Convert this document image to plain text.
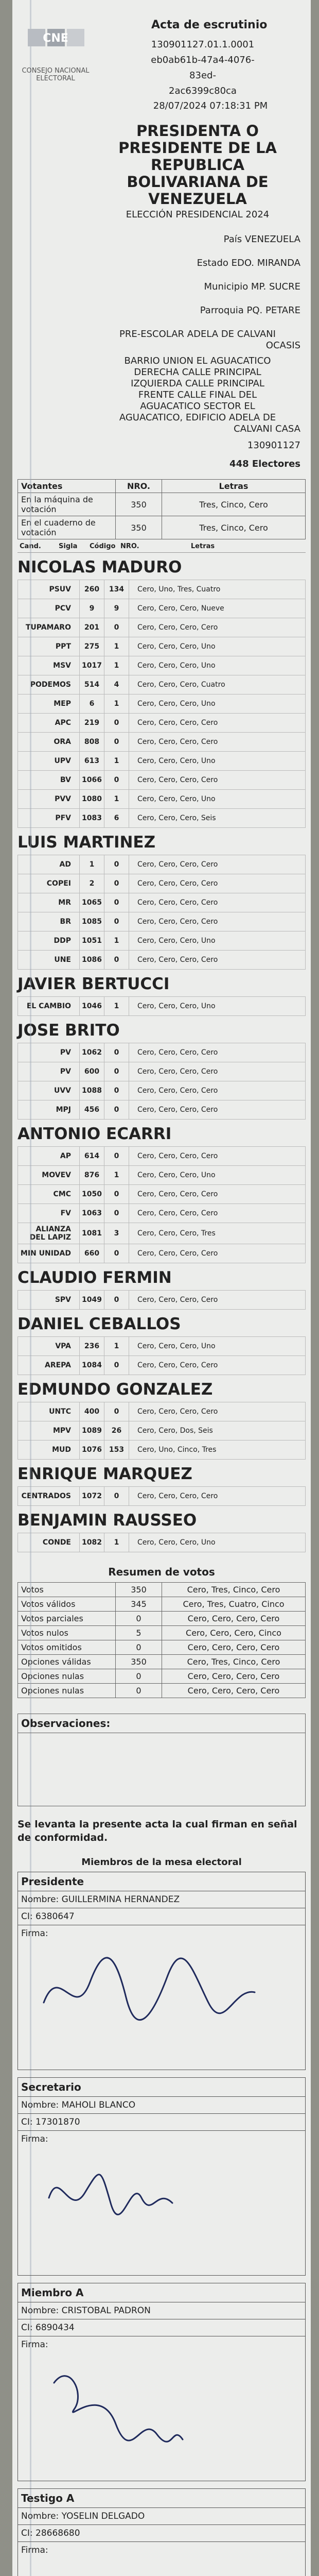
CNE
CONSEJO NACIONAL ELECTORAL
Acta de escrutinio
130901127.01.1.0001
eb0ab61b-47a4-4076-83ed-
2ac6399c80ca
28/07/2024 07:18:31 PM
PRESIDENTA O
PRESIDENTE DE LA
REPUBLICA
BOLIVARIANA DE
VENEZUELA
ELECCIÓN PRESIDENCIAL 2024
País VENEZUELA
Estado EDO. MIRANDA
Municipio MP. SUCRE
Parroquia PQ. PETARE
PRE-ESCOLAR ADELA DE CALVANI
OCASIS
BARRIO UNION EL AGUACATICO
DERECHA CALLE PRINCIPAL
IZQUIERDA CALLE PRINCIPAL
FRENTE CALLE FINAL DEL
AGUACATICO SECTOR EL
AGUACATICO, EDIFICIO ADELA DE
CALVANI CASA
130901127
448 Electores
Votantes	NRO.	Letras
En la máquina de votación	350	Tres, Cinco, Cero
En el cuaderno de votación	350	Tres, Cinco, Cero
Cand.	Sigla	Código NRO.	Letras
NICOLAS MADURO
PSUV	260	134	Cero, Uno, Tres, Cuatro
PCV	9	9	Cero, Cero, Cero, Nueve
TUPAMARO	201	0	Cero, Cero, Cero, Cero
PPT	275	1	Cero, Cero, Cero, Uno
MSV	1017	1	Cero, Cero, Cero, Uno
PODEMOS	514	4	Cero, Cero, Cero, Cuatro
MEP	6	1	Cero, Cero, Cero, Uno
APC	219	0	Cero, Cero, Cero, Cero
ORA	808	0	Cero, Cero, Cero, Cero
UPV	613	1	Cero, Cero, Cero, Uno
BV	1066	0	Cero, Cero, Cero, Cero
PVV	1080	1	Cero, Cero, Cero, Uno
PFV	1083	6	Cero, Cero, Cero, Seis
LUIS MARTINEZ
AD	1	0	Cero, Cero, Cero, Cero
COPEI	2	0	Cero, Cero, Cero, Cero
MR	1065	0	Cero, Cero, Cero, Cero
BR	1085	0	Cero, Cero, Cero, Cero
DDP	1051	1	Cero, Cero, Cero, Uno
UNE	1086	0	Cero, Cero, Cero, Cero
JAVIER BERTUCCI
EL CAMBIO	1046	1	Cero, Cero, Cero, Uno
JOSE BRITO
PV	1062	0	Cero, Cero, Cero, Cero
PV	600	0	Cero, Cero, Cero, Cero
UVV	1088	0	Cero, Cero, Cero, Cero
MPJ	456	0	Cero, Cero, Cero, Cero
ANTONIO ECARRI
AP	614	0	Cero, Cero, Cero, Cero
MOVEV	876	1	Cero, Cero, Cero, Uno
CMC	1050	0	Cero, Cero, Cero, Cero
FV	1063	0	Cero, Cero, Cero, Cero
ALIANZA DEL LAPIZ	1081	3	Cero, Cero, Cero, Tres
MIN UNIDAD	660	0	Cero, Cero, Cero, Cero
CLAUDIO FERMIN
SPV	1049	0	Cero, Cero, Cero, Cero
DANIEL CEBALLOS
VPA	236	1	Cero, Cero, Cero, Uno
AREPA	1084	0	Cero, Cero, Cero, Cero
EDMUNDO GONZALEZ
UNTC	400	0	Cero, Cero, Cero, Cero
MPV	1089	26	Cero, Cero, Dos, Seis
MUD	1076	153	Cero, Uno, Cinco, Tres
ENRIQUE MARQUEZ
CENTRADOS	1072	0	Cero, Cero, Cero, Cero
BENJAMIN RAUSSEO
CONDE	1082	1	Cero, Cero, Cero, Uno
Resumen de votos
Votos	350	Cero, Tres, Cinco, Cero
Votos válidos	345	Cero, Tres, Cuatro, Cinco
Votos parciales	0	Cero, Cero, Cero, Cero
Votos nulos	5	Cero, Cero, Cero, Cinco
Votos omitidos	0	Cero, Cero, Cero, Cero
Opciones válidas	350	Cero, Tres, Cinco, Cero
Opciones nulas	0	Cero, Cero, Cero, Cero
Opciones nulas	0	Cero, Cero, Cero, Cero
Observaciones:
Se levanta la presente acta la cual firman en señal de conformidad.
Miembros de la mesa electoral
Presidente
Nombre: GUILLERMINA HERNANDEZ
CI: 6380647
Firma:
Secretario
Nombre: MAHOLI BLANCO
CI: 17301870
Firma:
Miembro A
Nombre: CRISTOBAL PADRON
CI: 6890434
Firma:
Testigo A
Nombre: YOSELIN DELGADO
CI: 28668680
Firma:
